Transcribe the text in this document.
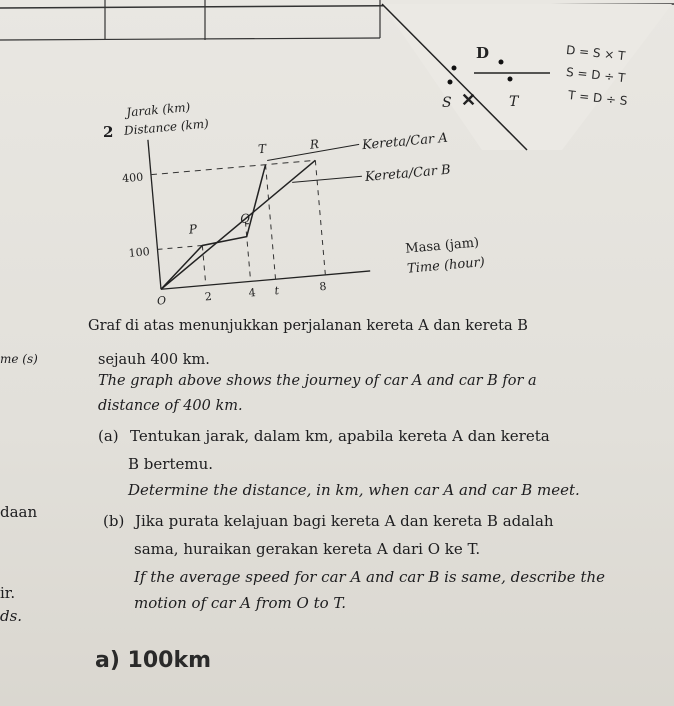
D
S ✕ T
D = S × T
S = D ÷ T
T = D ÷ S
2
Jarak (km)
Distance (km)
400
100
O	2	4 t	8
P
Q
T	R	Kereta/Car A
Kereta/Car B
Masa (jam)
Time (hour)
Graf di atas menunjukkan perjalanan kereta A dan kereta B
sejauh 400 km.
The graph above shows the journey of car A and car B for a
distance of 400 km.
(a) Tentukan jarak, dalam km, apabila kereta A dan kereta
B bertemu.
Determine the distance, in km, when car A and car B meet.
(b) Jika purata kelajuan bagi kereta A dan kereta B adalah
sama, huraikan gerakan kereta A dari O ke T.
If the average speed for car A and car B is same, describe the
motion of car A from O to T.
a) 100km
me (s)
daan
ir.
ds.
